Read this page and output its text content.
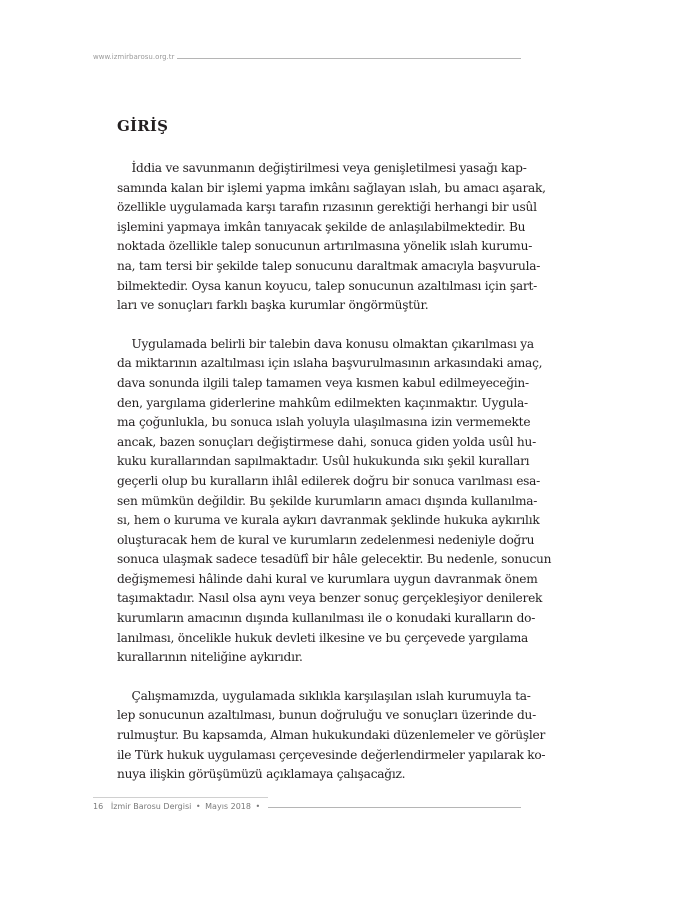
www.izmirbarosu.org.tr
GİRİŞ

İddia ve savunmanın değiştirilmesi veya genişletilmesi yasağı kap-
samında kalan bir işlemi yapma imkânı sağlayan ıslah, bu amacı aşarak,
özellikle uygulamada karşı tarafın rızasının gerektiği herhangi bir usûl
işlemini yapmaya imkân tanıyacak şekilde de anlaşılabilmektedir. Bu
noktada özellikle talep sonucunun artırılmasına yönelik ıslah kurumu-
na, tam tersi bir şekilde talep sonucunu daraltmak amacıyla başvurula-
bilmektedir. Oysa kanun koyucu, talep sonucunun azaltılması için şart-
ları ve sonuçları farklı başka kurumlar öngörmüştür.

Uygulamada belirli bir talebin dava konusu olmaktan çıkarılması ya
da miktarının azaltılması için ıslaha başvurulmasının arkasındaki amaç,
dava sonunda ilgili talep tamamen veya kısmen kabul edilmeyeceğin-
den, yargılama giderlerine mahkûm edilmekten kaçınmaktır. Uygula-
ma çoğunlukla, bu sonuca ıslah yoluyla ulaşılmasına izin vermemekte
ancak, bazen sonuçları değiştirmese dahi, sonuca giden yolda usûl hu-
kuku kurallarından sapılmaktadır. Usûl hukukunda sıkı şekil kuralları
geçerli olup bu kuralların ihlâl edilerek doğru bir sonuca varılması esa-
sen mümkün değildir. Bu şekilde kurumların amacı dışında kullanılma-
sı, hem o kuruma ve kurala aykırı davranmak şeklinde hukuka aykırılık
oluşturacak hem de kural ve kurumların zedelenmesi nedeniyle doğru
sonuca ulaşmak sadece tesadüfî bir hâle gelecektir. Bu nedenle, sonucun
değişmemesi hâlinde dahi kural ve kurumlara uygun davranmak önem
taşımaktadır. Nasıl olsa aynı veya benzer sonuç gerçekleşiyor denilerek
kurumların amacının dışında kullanılması ile o konudaki kuralların do-
lanılması, öncelikle hukuk devleti ilkesine ve bu çerçevede yargılama
kurallarının niteliğine aykırıdır.

Çalışmamızda, uygulamada sıklıkla karşılaşılan ıslah kurumuyla ta-
lep sonucunun azaltılması, bunun doğruluğu ve sonuçları üzerinde du-
rulmuştur. Bu kapsamda, Alman hukukundaki düzenlemeler ve görüşler
ile Türk hukuk uygulaması çerçevesinde değerlendirmeler yapılarak ko-
nuya ilişkin görüşümüzü açıklamaya çalışacağız.

16 İzmir Barosu Dergisi • Mayıs 2018 •
